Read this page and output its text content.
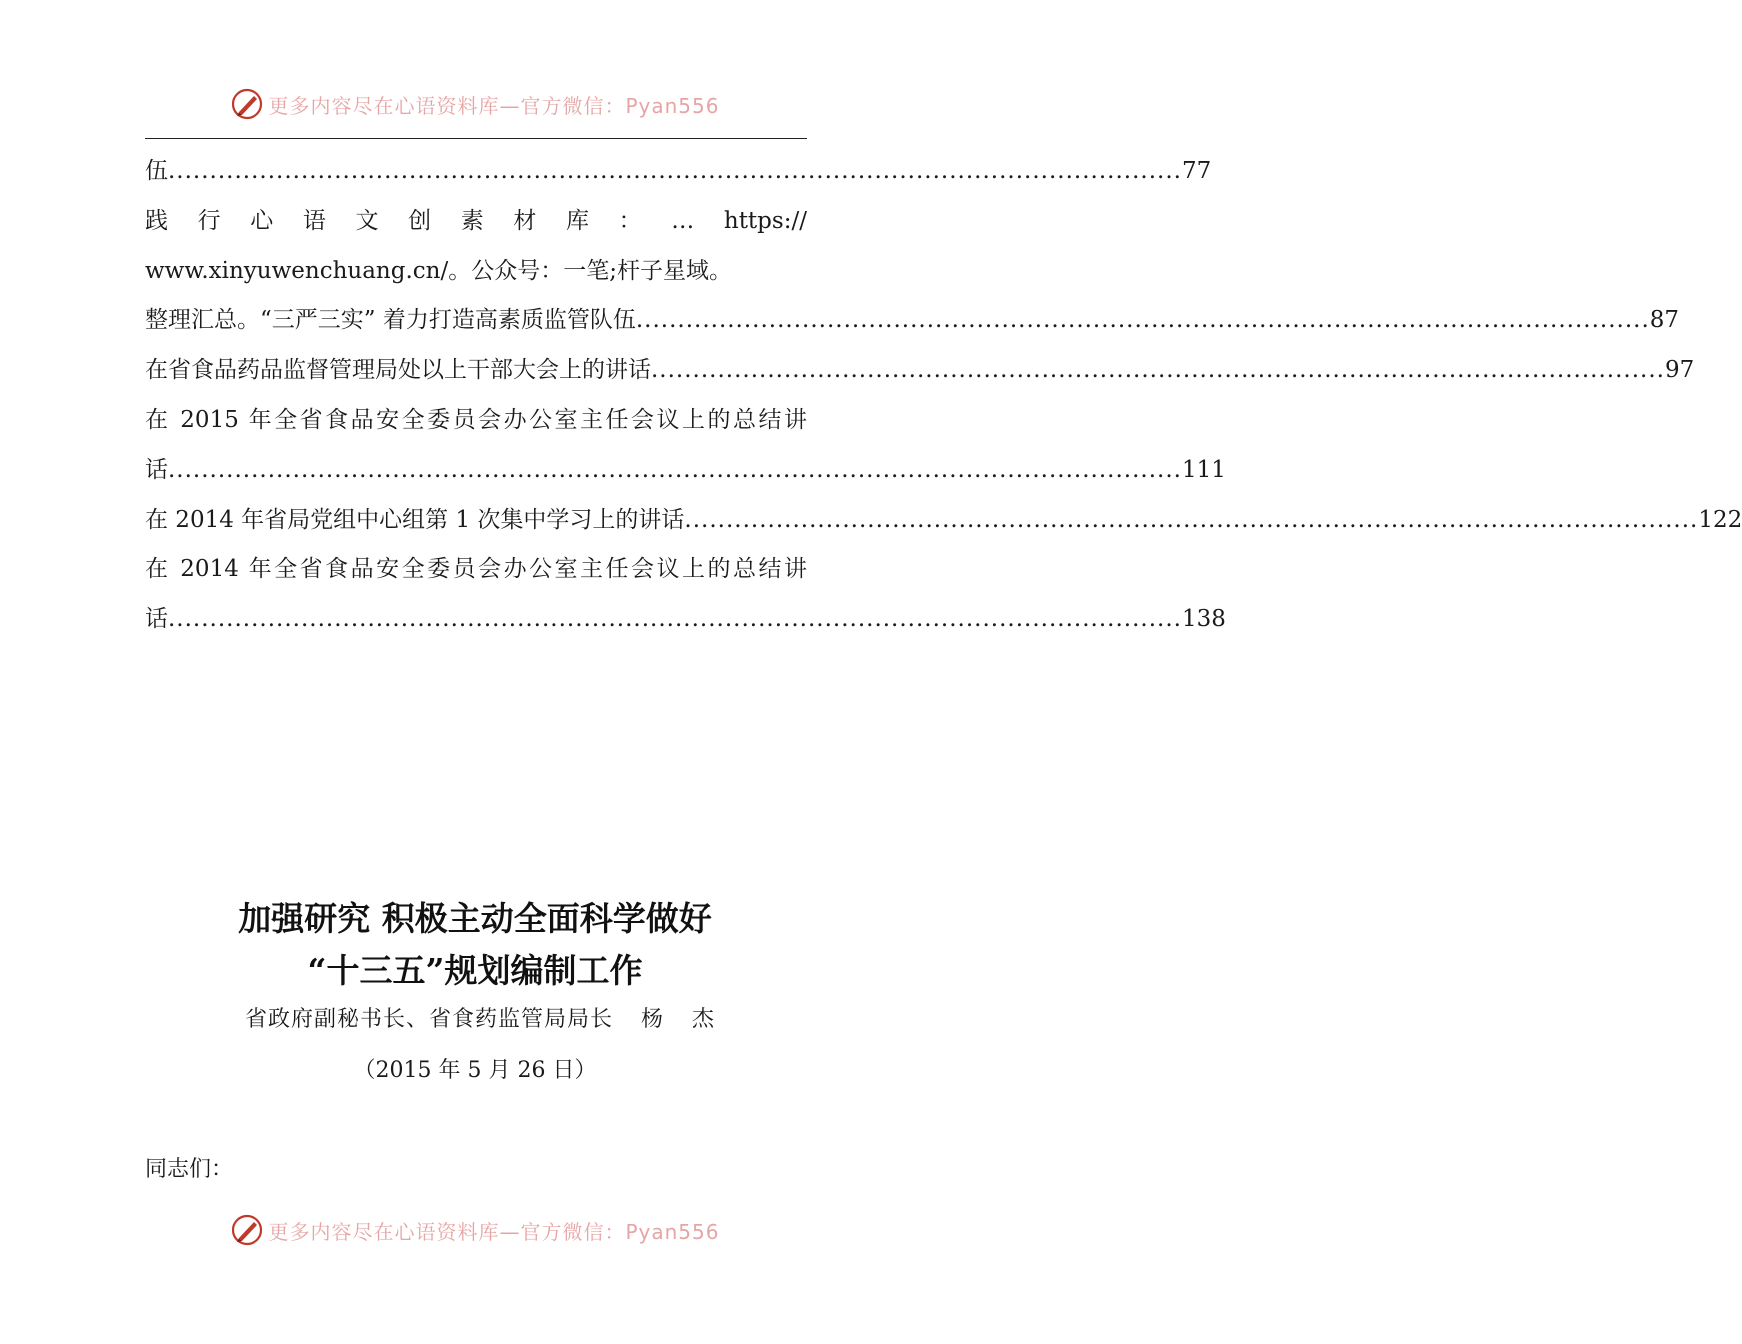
更多内容尽在心语资料库—官方微信：Pyan556
伍 .......................................................................................................................... 77
践 行 心 语 文 创 素 材 库 ： … https://
www.xinyuwenchuang.cn/。公众号：一笔;杆子星域。
整理汇总。“三严三实” 着力打造高素质监管队伍 .......................................................................................................................... 87
在省食品药品监督管理局处以上干部大会上的讲话 .......................................................................................................................... 97
在 2015 年全省食品安全委员会办公室主任会议上的总结讲
话 .......................................................................................................................... 111
在 2014 年省局党组中心组第 1 次集中学习上的讲话 .......................................................................................................................... 122
在 2014 年全省食品安全委员会办公室主任会议上的总结讲
话 .......................................................................................................................... 138
加强研究 积极主动全面科学做好
“十三五”规划编制工作
省政府副秘书长、省食药监管局局长 杨 杰
（2015 年 5 月 26 日）
同志们：
更多内容尽在心语资料库—官方微信：Pyan556
